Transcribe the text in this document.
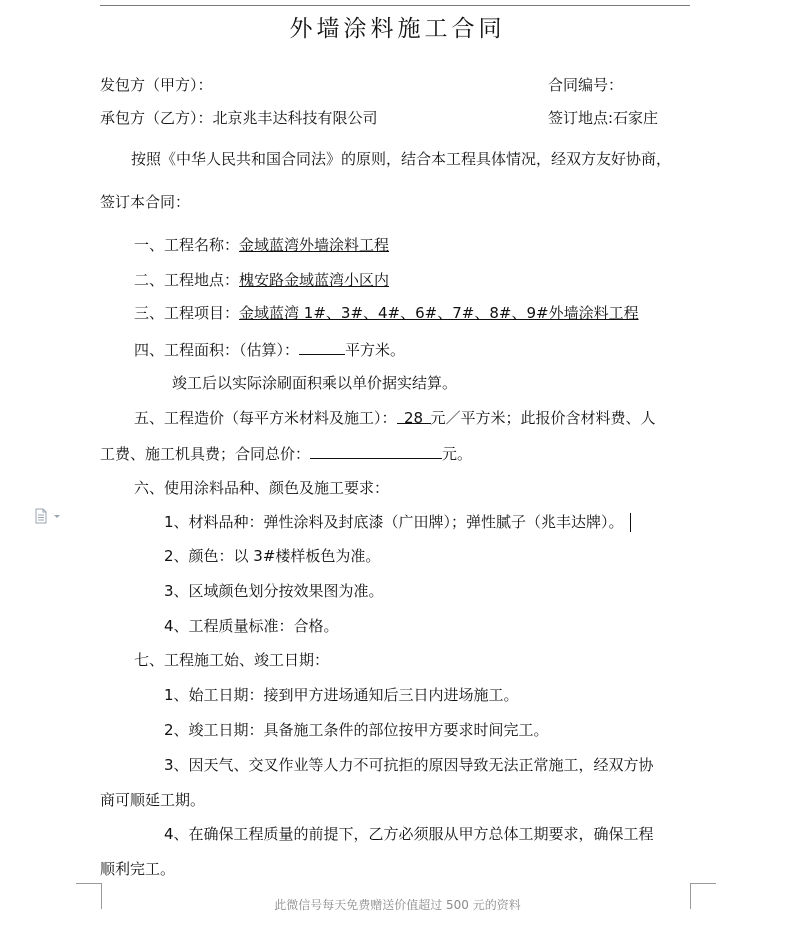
外墙涂料施工合同
发包方（甲方）：	合同编号：
承包方（乙方）：北京兆丰达科技有限公司	签订地点:石家庄
按照《中华人民共和国合同法》的原则，结合本工程具体情况，经双方友好协商，
签订本合同：
一、工程名称：金域蓝湾外墙涂料工程
二、工程地点：槐安路金域蓝湾小区内
三、工程项目：金域蓝湾 1#、3#、4#、6#、7#、8#、9#外墙涂料工程
四、工程面积：（估算）：	平方米。
竣工后以实际涂刷面积乘以单价据实结算。
五、工程造价（每平方米材料及施工）： 28 元／平方米；此报价含材料费、人
工费、施工机具费；合同总价：	元。
六、使用涂料品种、颜色及施工要求：
1、材料品种：弹性涂料及封底漆（广田牌）；弹性腻子（兆丰达牌）。
2、颜色：以 3#楼样板色为准。
3、区域颜色划分按效果图为准。
4、工程质量标准：合格。
七、工程施工始、竣工日期：
1、始工日期：接到甲方进场通知后三日内进场施工。
2、竣工日期：具备施工条件的部位按甲方要求时间完工。
3、因天气、交叉作业等人力不可抗拒的原因导致无法正常施工，经双方协
商可顺延工期。
4、在确保工程质量的前提下，乙方必须服从甲方总体工期要求，确保工程
顺利完工。
此微信号每天免费赠送价值超过 500 元的资料
